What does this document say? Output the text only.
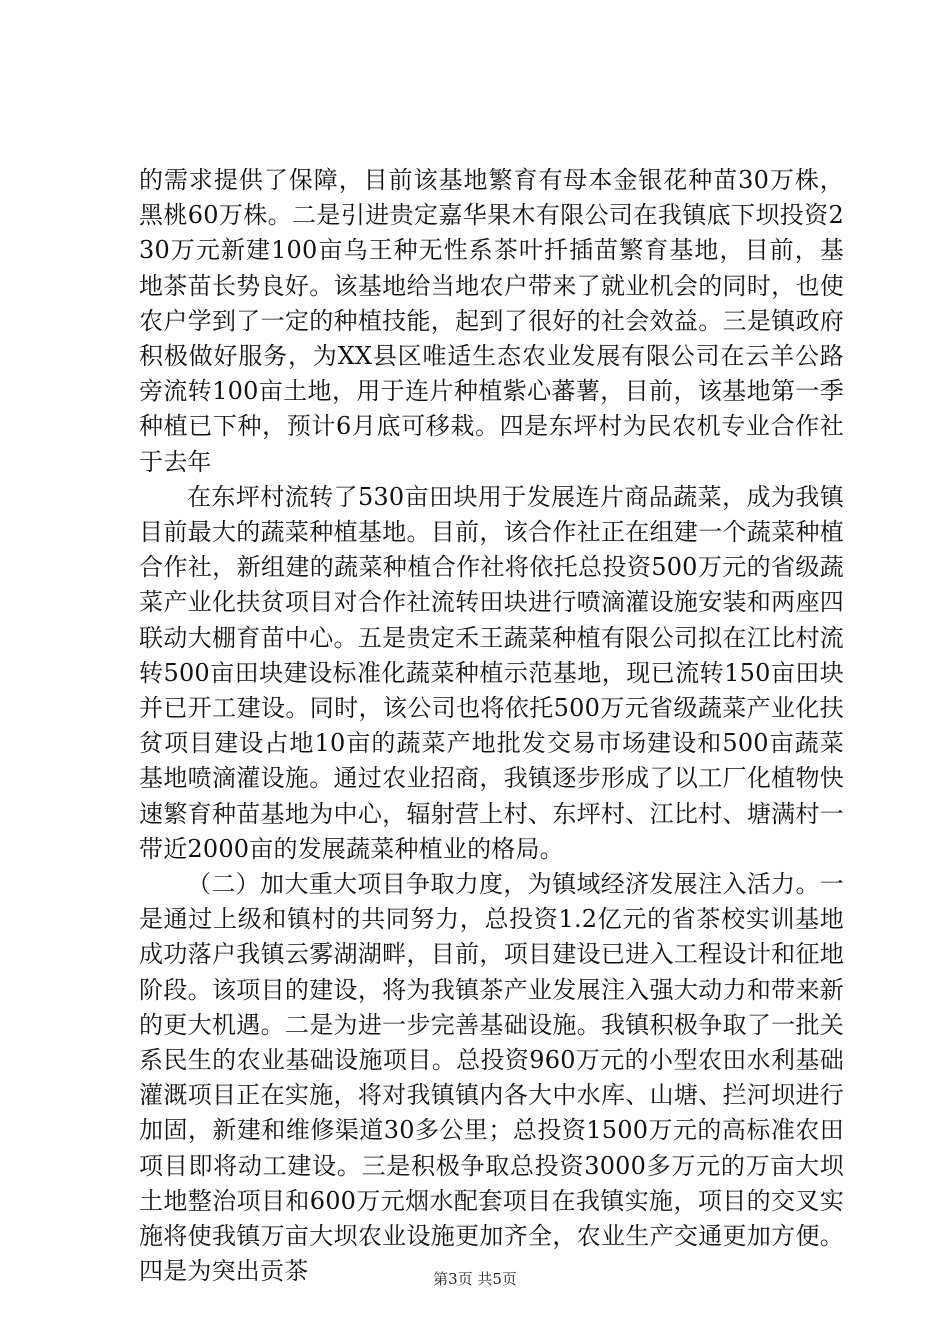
的需求提供了保障，目前该基地繁育有母本金银花种苗30万株，黑桃60万株。二是引进贵定嘉华果木有限公司在我镇底下坝投资230万元新建100亩乌王种无性系茶叶扦插苗繁育基地，目前，基地茶苗长势良好。该基地给当地农户带来了就业机会的同时，也使农户学到了一定的种植技能，起到了很好的社会效益。三是镇政府积极做好服务，为XX县区唯适生态农业发展有限公司在云羊公路旁流转100亩土地，用于连片种植紫心蕃薯，目前，该基地第一季种植已下种，预计6月底可移栽。四是东坪村为民农机专业合作社于去年

在东坪村流转了530亩田块用于发展连片商品蔬菜，成为我镇目前最大的蔬菜种植基地。目前，该合作社正在组建一个蔬菜种植合作社，新组建的蔬菜种植合作社将依托总投资500万元的省级蔬菜产业化扶贫项目对合作社流转田块进行喷滴灌设施安装和两座四联动大棚育苗中心。五是贵定禾王蔬菜种植有限公司拟在江比村流转500亩田块建设标准化蔬菜种植示范基地，现已流转150亩田块并已开工建设。同时，该公司也将依托500万元省级蔬菜产业化扶贫项目建设占地10亩的蔬菜产地批发交易市场建设和500亩蔬菜基地喷滴灌设施。通过农业招商，我镇逐步形成了以工厂化植物快速繁育种苗基地为中心，辐射营上村、东坪村、江比村、塘满村一带近2000亩的发展蔬菜种植业的格局。

（二）加大重大项目争取力度，为镇域经济发展注入活力。一是通过上级和镇村的共同努力，总投资1.2亿元的省茶校实训基地成功落户我镇云雾湖湖畔，目前，项目建设已进入工程设计和征地阶段。该项目的建设，将为我镇茶产业发展注入强大动力和带来新的更大机遇。二是为进一步完善基础设施。我镇积极争取了一批关系民生的农业基础设施项目。总投资960万元的小型农田水利基础灌溉项目正在实施，将对我镇镇内各大中水库、山塘、拦河坝进行加固，新建和维修渠道30多公里；总投资1500万元的高标准农田项目即将动工建设。三是积极争取总投资3000多万元的万亩大坝土地整治项目和600万元烟水配套项目在我镇实施，项目的交叉实施将使我镇万亩大坝农业设施更加齐全，农业生产交通更加方便。四是为突出贡茶	第3页 共5页
